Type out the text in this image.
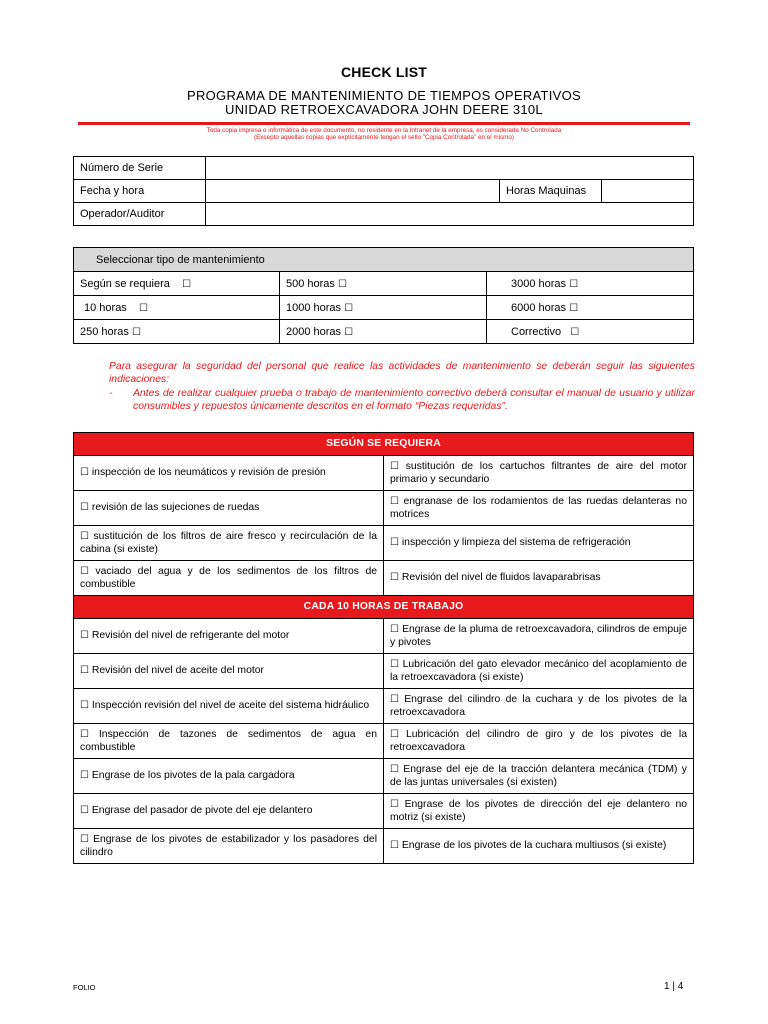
CHECK LIST
PROGRAMA DE MANTENIMIENTO DE TIEMPOS OPERATIVOS
UNIDAD RETROEXCAVADORA JOHN DEERE 310L
Toda copia impresa o informática de este documento, no residente en la Intranet de la empresa, es considerada No Controlada
(Excepto aquellas copias que explícitamente tengan el sello "Copia Controlada" en el mismo)
Número de Serie			
Fecha y hora		Horas Maquinas	
Operador/Auditor			
Seleccionar tipo de mantenimiento		
Según se requiera ☐	500 horas ☐	3000 horas ☐
10 horas ☐	1000 horas ☐	6000 horas ☐
250 horas ☐	2000 horas ☐	Correctivo ☐
Para asegurar la seguridad del personal que realice las actividades de mantenimiento se deberán seguir las siguientes indicaciones:
-	Antes de realizar cualquier prueba o trabajo de mantenimiento correctivo deberá consultar el manual de usuario y utilizar consumibles y repuestos únicamente descritos en el formato “Piezas requeridas”.
SEGÚN SE REQUIERA	
☐ inspección de los neumáticos y revisión de presión	☐ sustitución de los cartuchos filtrantes de aire del motor primario y secundario
☐ revisión de las sujeciones de ruedas	☐ engranase de los rodamientos de las ruedas delanteras no motrices
☐ sustitución de los filtros de aire fresco y recirculación de la cabina (si existe)	☐ inspección y limpieza del sistema de refrigeración
☐ vaciado del agua y de los sedimentos de los filtros de combustible	☐ Revisión del nivel de fluidos lavaparabrisas
CADA 10 HORAS DE TRABAJO	
☐ Revisión del nivel de refrigerante del motor	☐ Engrase de la pluma de retroexcavadora, cilindros de empuje y pivotes
☐ Revisión del nivel de aceite del motor	☐ Lubricación del gato elevador mecánico del acoplamiento de la retroexcavadora (si existe)
☐ Inspección revisión del nivel de aceite del sistema hidráulico	☐ Engrase del cilindro de la cuchara y de los pivotes de la retroexcavadora
☐ Inspección de tazones de sedimentos de agua en combustible	☐ Lubricación del cilindro de giro y de los pivotes de la retroexcavadora
☐ Engrase de los pivotes de la pala cargadora	☐ Engrase del eje de la tracción delantera mecánica (TDM) y de las juntas universales (si existen)
☐ Engrase del pasador de pivote del eje delantero	☐ Engrase de los pivotes de dirección del eje delantero no motriz (si existe)
☐ Engrase de los pivotes de estabilizador y los pasadores del cilindro	☐ Engrase de los pivotes de la cuchara multiusos (si existe)
FOLIO	1 | 4
